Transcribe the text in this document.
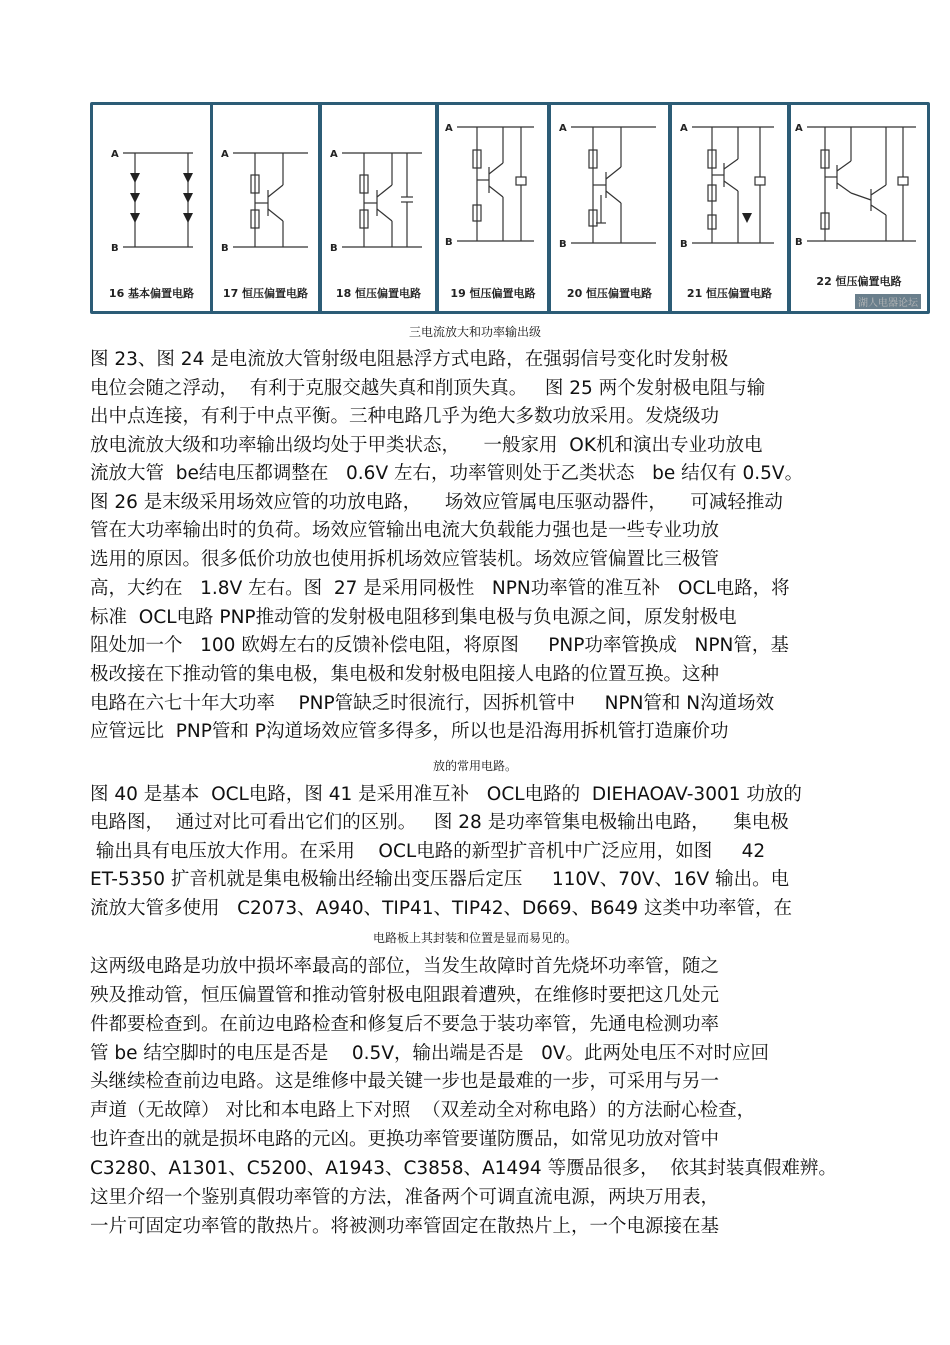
A
B
16 基本偏置电路
A
B
17 恒压偏置电路
A
B
18 恒压偏置电路
A
B
19 恒压偏置电路
A
B
20 恒压偏置电路
A
B
21 恒压偏置电路
A
B
22 恒压偏置电路
湖人电器论坛
三电流放大和功率输出级
图 23、图 24 是电流放大管射级电阻悬浮方式电路，在强弱信号变化时发射极
电位会随之浮动，  有利于克服交越失真和削顶失真。   图 25 两个发射极电阻与输
出中点连接，有利于中点平衡。三种电路几乎为绝大多数功放采用。发烧级功
放电流放大级和功率输出级均处于甲类状态，    一般家用  OK机和演出专业功放电
流放大管  be结电压都调整在   0.6V 左右，功率管则处于乙类状态   be 结仅有 0.5V。
图 26 是末级采用场效应管的功放电路，    场效应管属电压驱动器件，    可减轻推动
管在大功率输出时的负荷。场效应管输出电流大负载能力强也是一些专业功放
选用的原因。很多低价功放也使用拆机场效应管装机。场效应管偏置比三极管
高，大约在   1.8V 左右。图  27 是采用同极性   NPN功率管的准互补   OCL电路，将
标准  OCL电路 PNP推动管的发射极电阻移到集电极与负电源之间，原发射极电
阻处加一个   100 欧姆左右的反馈补偿电阻，将原图     PNP功率管换成   NPN管，基
极改接在下推动管的集电极，集电极和发射极电阻接人电路的位置互换。这种
电路在六七十年大功率    PNP管缺乏时很流行，因拆机管中     NPN管和 N沟道场效
应管远比  PNP管和 P沟道场效应管多得多，所以也是沿海用拆机管打造廉价功
放的常用电路。
图 40 是基本  OCL电路，图 41 是采用准互补   OCL电路的  DIEHAOAV-3001 功放的
电路图，  通过对比可看出它们的区别。   图 28 是功率管集电极输出电路，    集电极
输出具有电压放大作用。在采用    OCL电路的新型扩音机中广泛应用，如图     42
ET-5350 扩音机就是集电极输出经输出变压器后定压     110V、70V、16V 输出。电
流放大管多使用   C2073、A940、TIP41、TIP42、D669、B649 这类中功率管，在
电路板上其封装和位置是显而易见的。
这两级电路是功放中损坏率最高的部位，当发生故障时首先烧坏功率管，随之
殃及推动管，恒压偏置管和推动管射极电阻跟着遭殃，在维修时要把这几处元
件都要检查到。在前边电路检查和修复后不要急于装功率管，先通电检测功率
管 be 结空脚时的电压是否是    0.5V，输出端是否是   0V。此两处电压不对时应回
头继续检查前边电路。这是维修中最关键一步也是最难的一步，可采用与另一
声道（无故障） 对比和本电路上下对照  （双差动全对称电路）的方法耐心检查，
也许查出的就是损坏电路的元凶。更换功率管要谨防赝品，如常见功放对管中
C3280、A1301、C5200、A1943、C3858、A1494 等赝品很多，  依其封装真假难辨。
这里介绍一个鉴别真假功率管的方法，准备两个可调直流电源，两块万用表，
一片可固定功率管的散热片。将被测功率管固定在散热片上，一个电源接在基
